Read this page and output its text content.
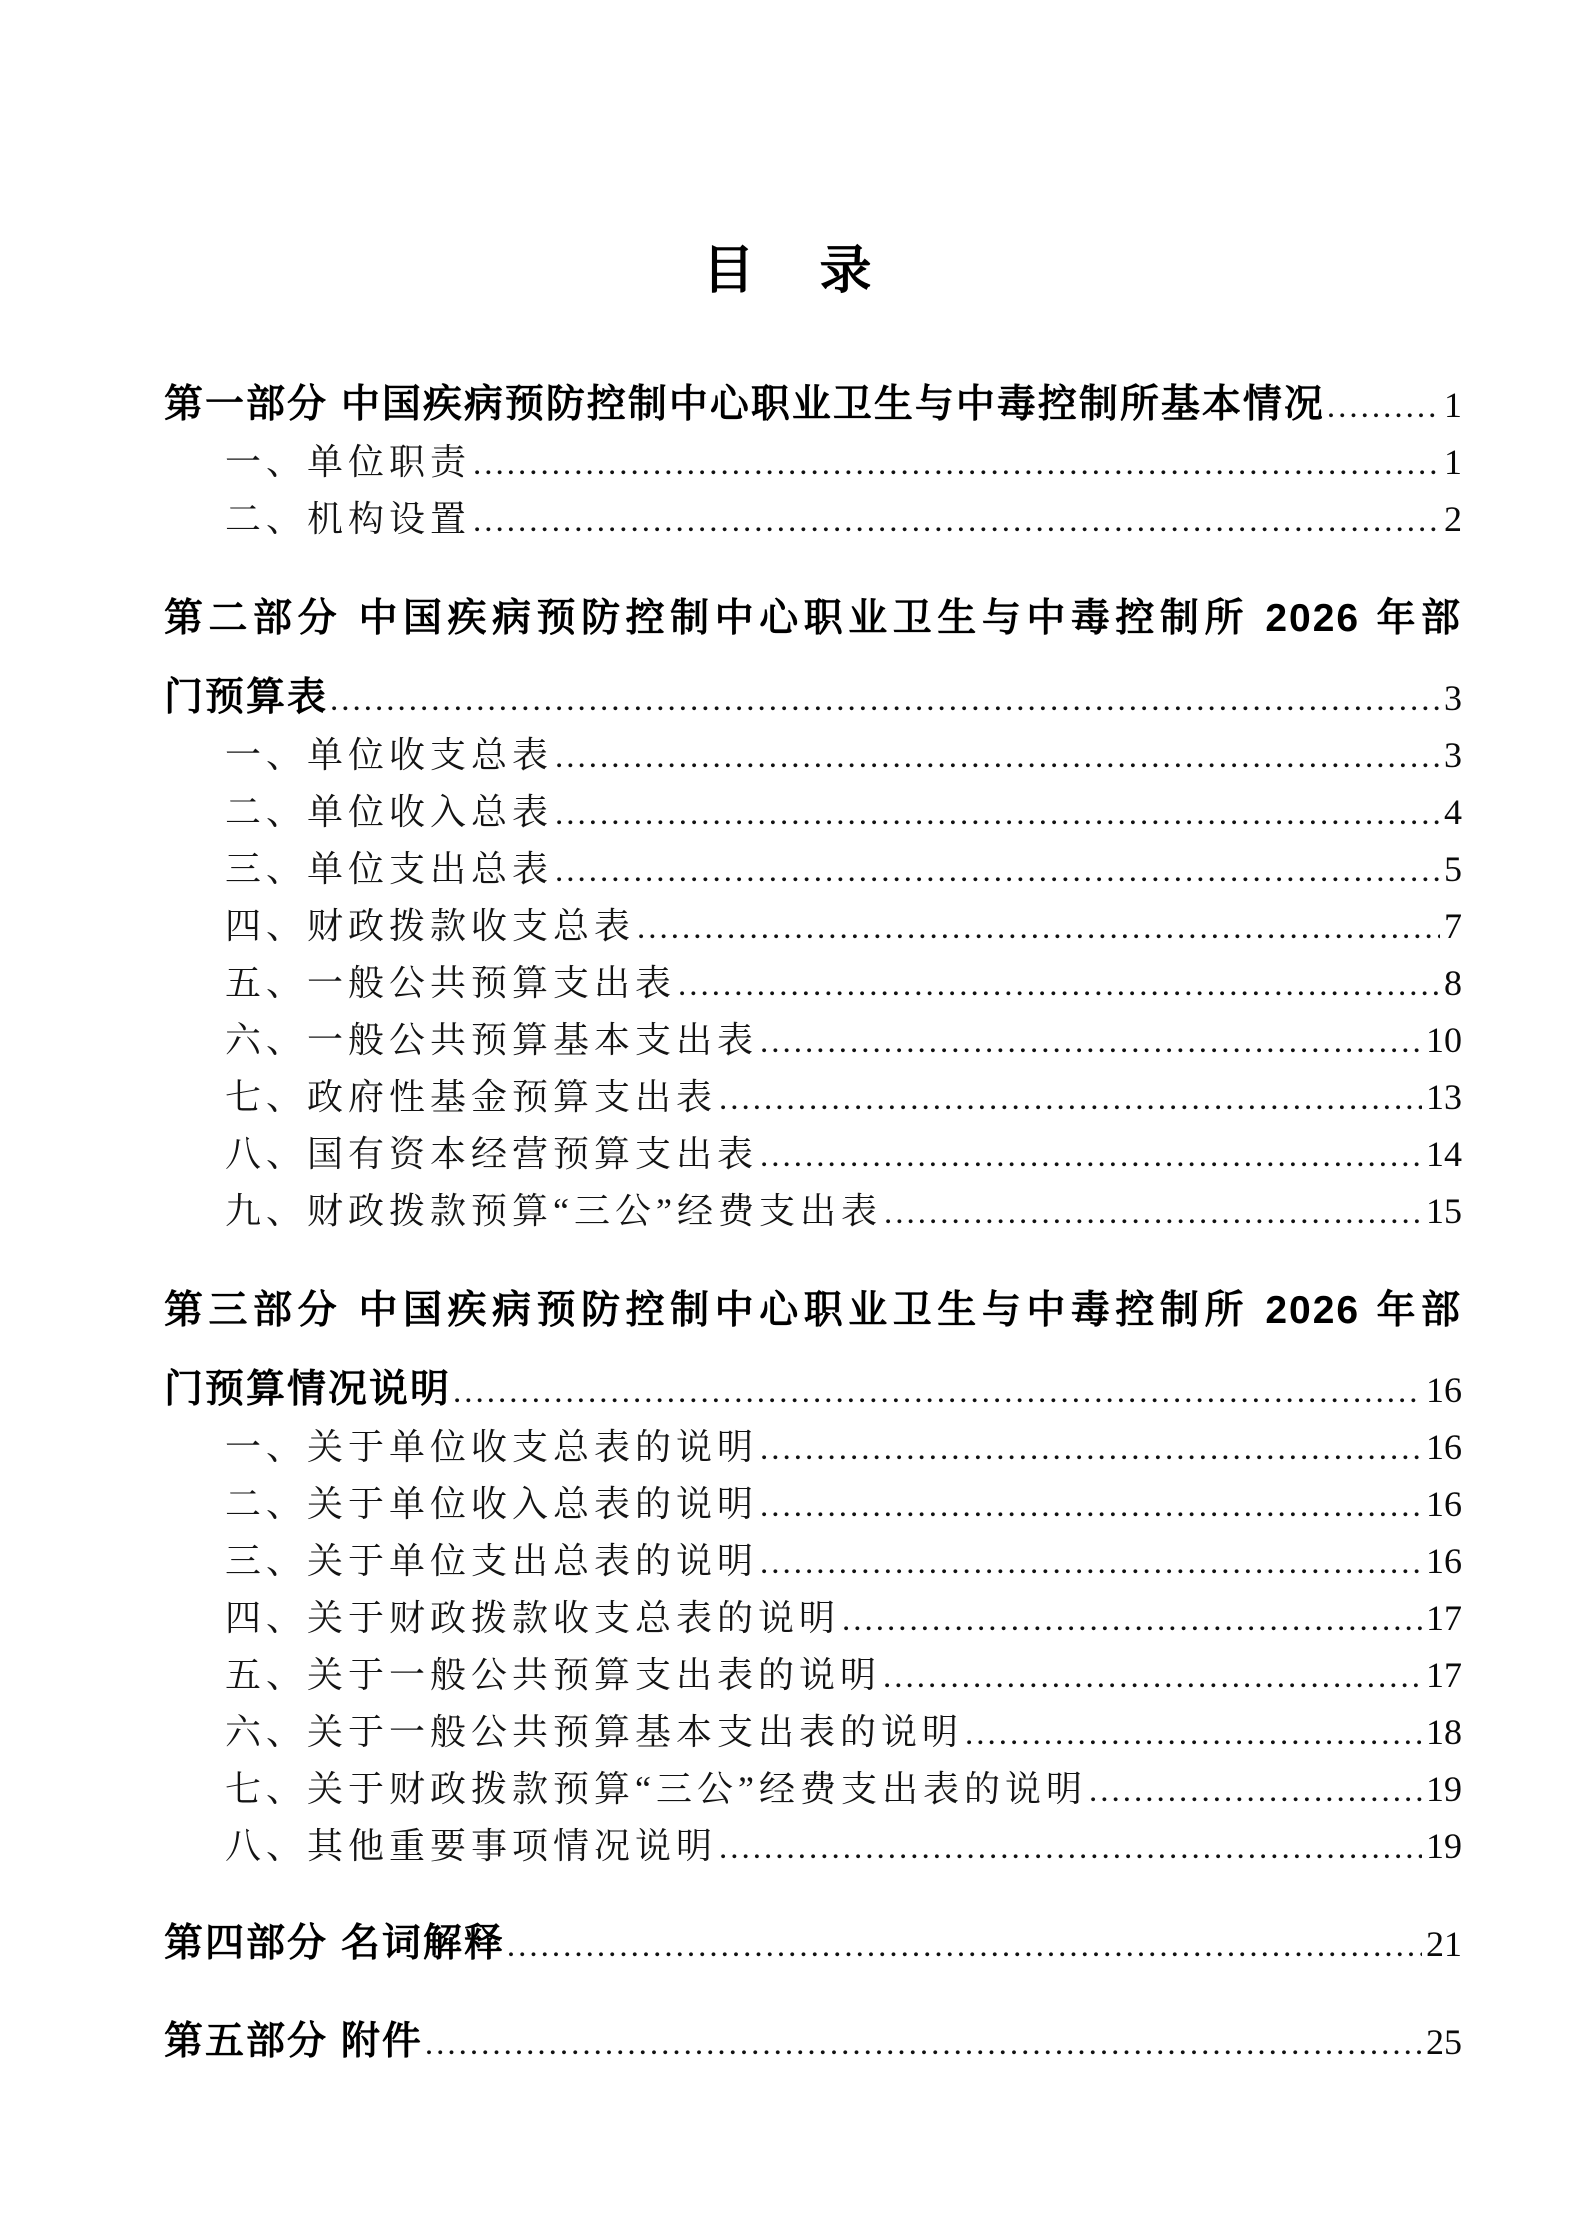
目 录
第一部分 中国疾病预防控制中心职业卫生与中毒控制所基本情况 .....	1
一、单位职责 .....	1
二、机构设置 .....	2
第二部分 中国疾病预防控制中心职业卫生与中毒控制所 2026 年部
门预算表 .....	3
一、单位收支总表 .....	3
二、单位收入总表 .....	4
三、单位支出总表 .....	5
四、财政拨款收支总表 .....	7
五、一般公共预算支出表 .....	8
六、一般公共预算基本支出表 .....	10
七、政府性基金预算支出表 .....	13
八、国有资本经营预算支出表 .....	14
九、财政拨款预算“三公”经费支出表 .....	15
第三部分 中国疾病预防控制中心职业卫生与中毒控制所 2026 年部
门预算情况说明 .....	16
一、关于单位收支总表的说明 .....	16
二、关于单位收入总表的说明 .....	16
三、关于单位支出总表的说明 .....	16
四、关于财政拨款收支总表的说明 .....	17
五、关于一般公共预算支出表的说明 .....	17
六、关于一般公共预算基本支出表的说明 .....	18
七、关于财政拨款预算“三公”经费支出表的说明 .....	19
八、其他重要事项情况说明 .....	19
第四部分 名词解释 .....	21
第五部分 附件 .....	25
